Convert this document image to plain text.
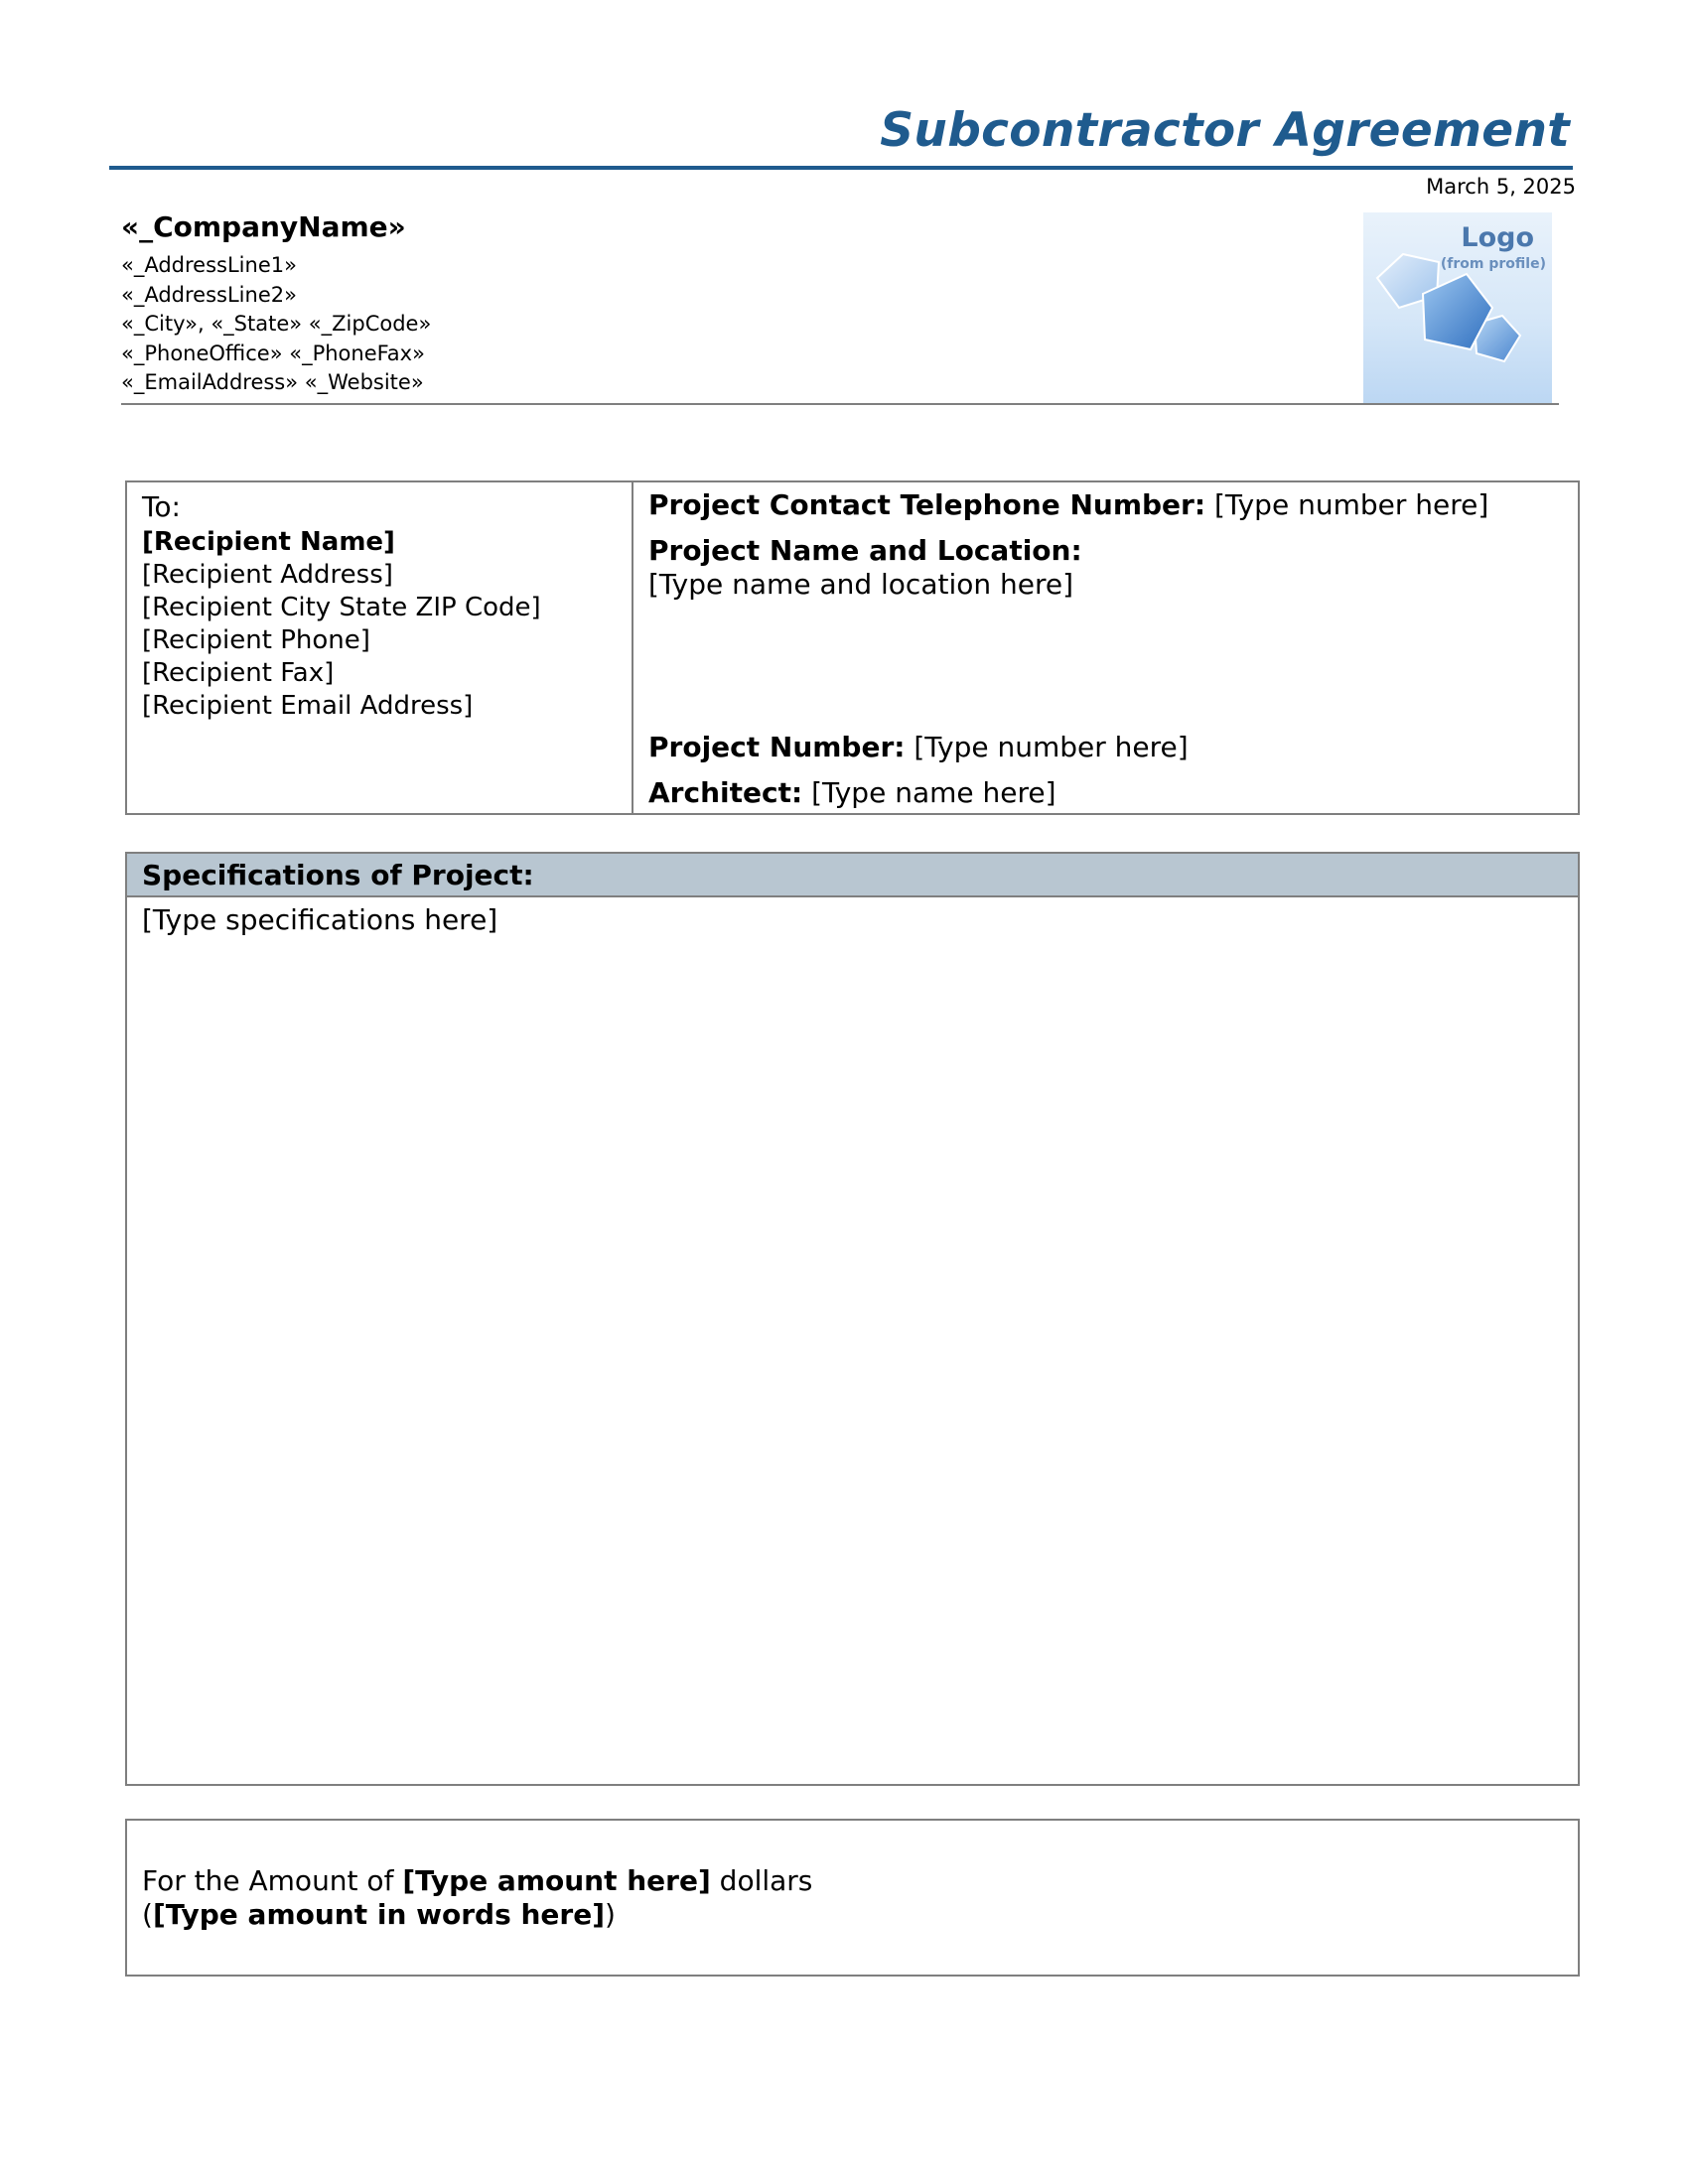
Subcontractor Agreement
March 5, 2025
«_CompanyName»
«_AddressLine1»
«_AddressLine2»
«_City», «_State» «_ZipCode»
«_PhoneOffice» «_PhoneFax»
«_EmailAddress» «_Website»
Logo
(from profile)
To:
[Recipient Name]
[Recipient Address]
[Recipient City State ZIP Code]
[Recipient Phone]
[Recipient Fax]
[Recipient Email Address]
Project Contact Telephone Number: [Type number here]
Project Name and Location:
[Type name and location here]
Project Number: [Type number here]
Architect: [Type name here]
Specifications of Project:
[Type specifications here]
For the Amount of [Type amount here] dollars
([Type amount in words here])
